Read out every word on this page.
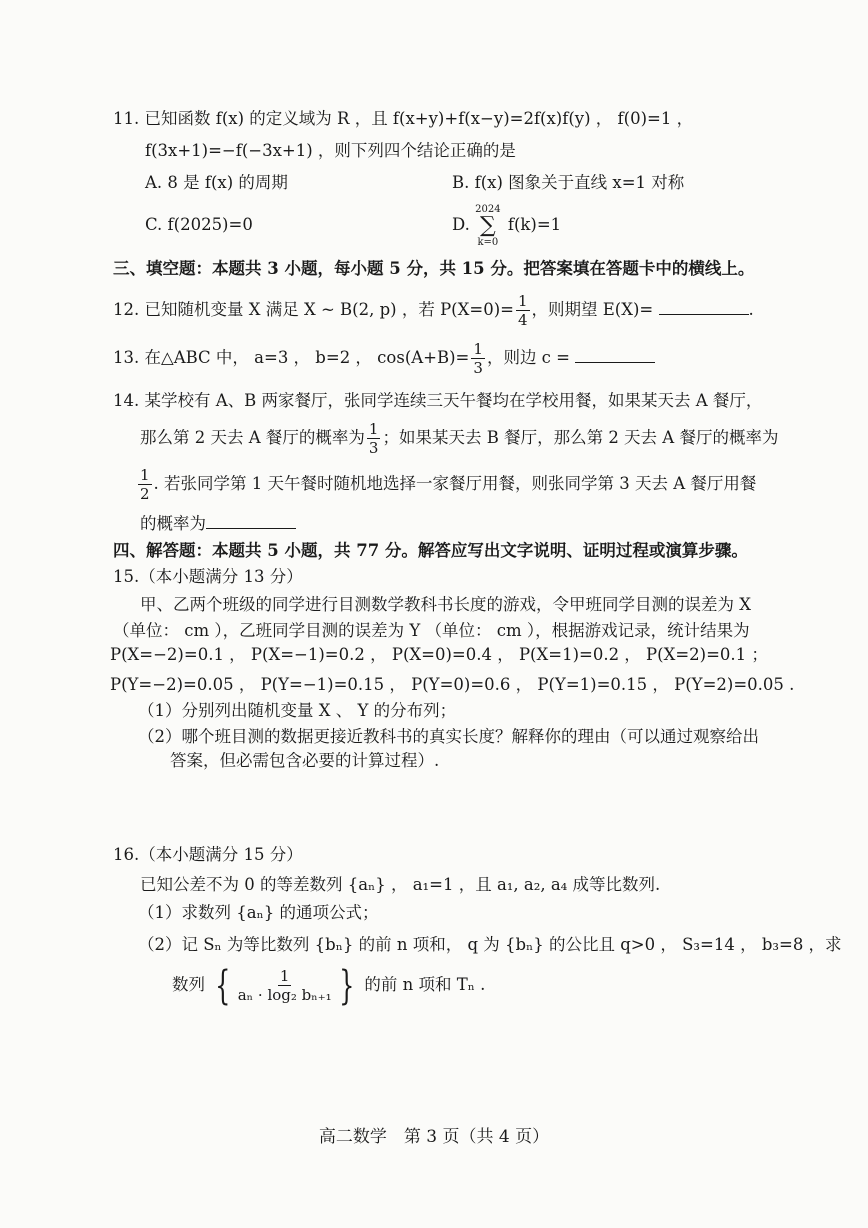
11. 已知函数 f(x) 的定义域为 R ，且 f(x+y)+f(x−y)=2f(x)f(y) ， f(0)=1 ，
f(3x+1)=−f(−3x+1) ，则下列四个结论正确的是
A. 8 是 f(x) 的周期	B. f(x) 图象关于直线 x=1 对称
C. f(2025)=0	D.
2024
∑
k=0
f(k)=1
三、填空题：本题共 3 小题，每小题 5 分，共 15 分。把答案填在答题卡中的横线上。
12. 已知随机变量 X 满足 X ~ B(2, p) ，若 $P(X=0)= \frac{1}{4}$ ，则期望 E(X)=	.
13. 在△ABC 中， a=3 ， b=2 ， $\cos(A+B)= \frac{1}{3}$ ，则边 c =
14. 某学校有 A、B 两家餐厅，张同学连续三天午餐均在学校用餐，如果某天去 A 餐厅，
那么第 2 天去 A 餐厅的概率为 $\frac{1}{3}$ ；如果某天去 B 餐厅，那么第 2 天去 A 餐厅的概率为
$\frac{1}{2}$ . 若张同学第 1 天午餐时随机地选择一家餐厅用餐，则张同学第 3 天去 A 餐厅用餐
的概率为
四、解答题：本题共 5 小题，共 77 分。解答应写出文字说明、证明过程或演算步骤。
15.（本小题满分 13 分）
甲、乙两个班级的同学进行目测数学教科书长度的游戏，令甲班同学目测的误差为 X
（单位： cm ），乙班同学目测的误差为 Y （单位： cm ），根据游戏记录，统计结果为
P(X=−2)=0.1 ， P(X=−1)=0.2 ， P(X=0)=0.4 ， P(X=1)=0.2 ， P(X=2)=0.1 ；
P(Y=−2)=0.05 ， P(Y=−1)=0.15 ， P(Y=0)=0.6 ， P(Y=1)=0.15 ， P(Y=2)=0.05 .
（1）分别列出随机变量 X 、 Y 的分布列；
（2）哪个班目测的数据更接近教科书的真实长度？解释你的理由（可以通过观察给出
答案，但必需包含必要的计算过程）.
16.（本小题满分 15 分）
已知公差不为 0 的等差数列 {aₙ} ， a₁=1 ，且 a₁, a₂, a₄ 成等比数列.
（1）求数列 {aₙ} 的通项公式；
（2）记 Sₙ 为等比数列 {bₙ} 的前 n 项和， q 为 {bₙ} 的公比且 q>0 ， S₃=14 ， b₃=8 ，求
数列 { $\frac{1}{\text{aₙ · log₂ bₙ₊₁}}$ } 的前 n 项和 Tₙ .
高二数学　第 3 页（共 4 页）
